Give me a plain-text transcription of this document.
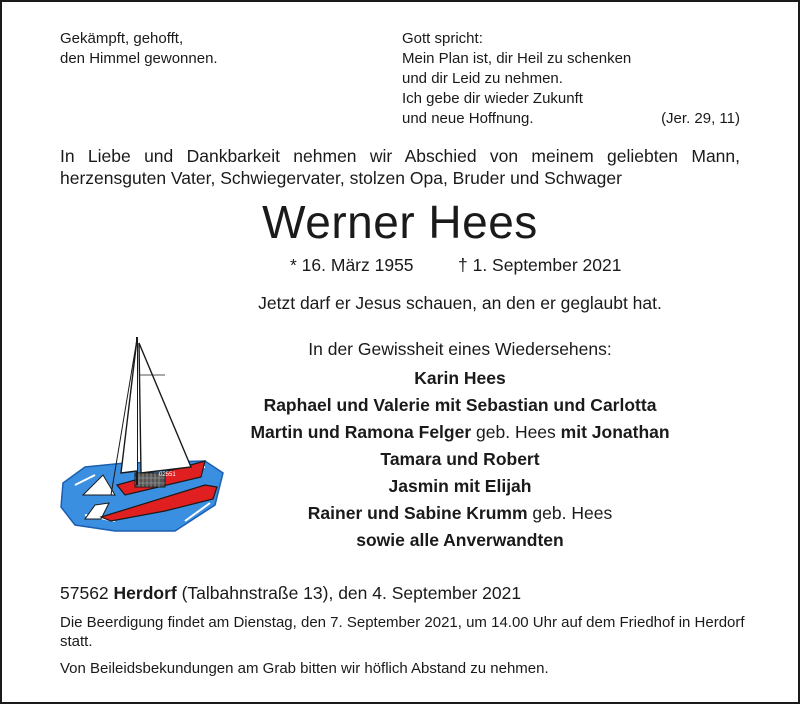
Gekämpft, gehofft,
den Himmel gewonnen.
Gott spricht:
Mein Plan ist, dir Heil zu schenken
und dir Leid zu nehmen.
Ich gebe dir wieder Zukunft
und neue Hoffnung.	(Jer. 29, 11)
In Liebe und Dankbarkeit nehmen wir Abschied von meinem geliebten Mann,
herzensguten Vater, Schwiegervater, stolzen Opa, Bruder und Schwager
Werner Hees
* 16. März 1955	† 1. September 2021
Jetzt darf er Jesus schauen, an den er geglaubt hat.
In der Gewissheit eines Wiedersehens:
Karin Hees
Raphael und Valerie mit Sebastian und Carlotta
Martin und Ramona Felger geb. Hees mit Jonathan
Tamara und Robert
Jasmin mit Elijah
Rainer und Sabine Krumm geb. Hees
sowie alle Anverwandten
02551
57562 Herdorf (Talbahnstraße 13), den 4. September 2021
Die Beerdigung findet am Dienstag, den 7. September 2021, um 14.00 Uhr auf dem Friedhof in Herdorf statt.
Von Beileidsbekundungen am Grab bitten wir höflich Abstand zu nehmen.
